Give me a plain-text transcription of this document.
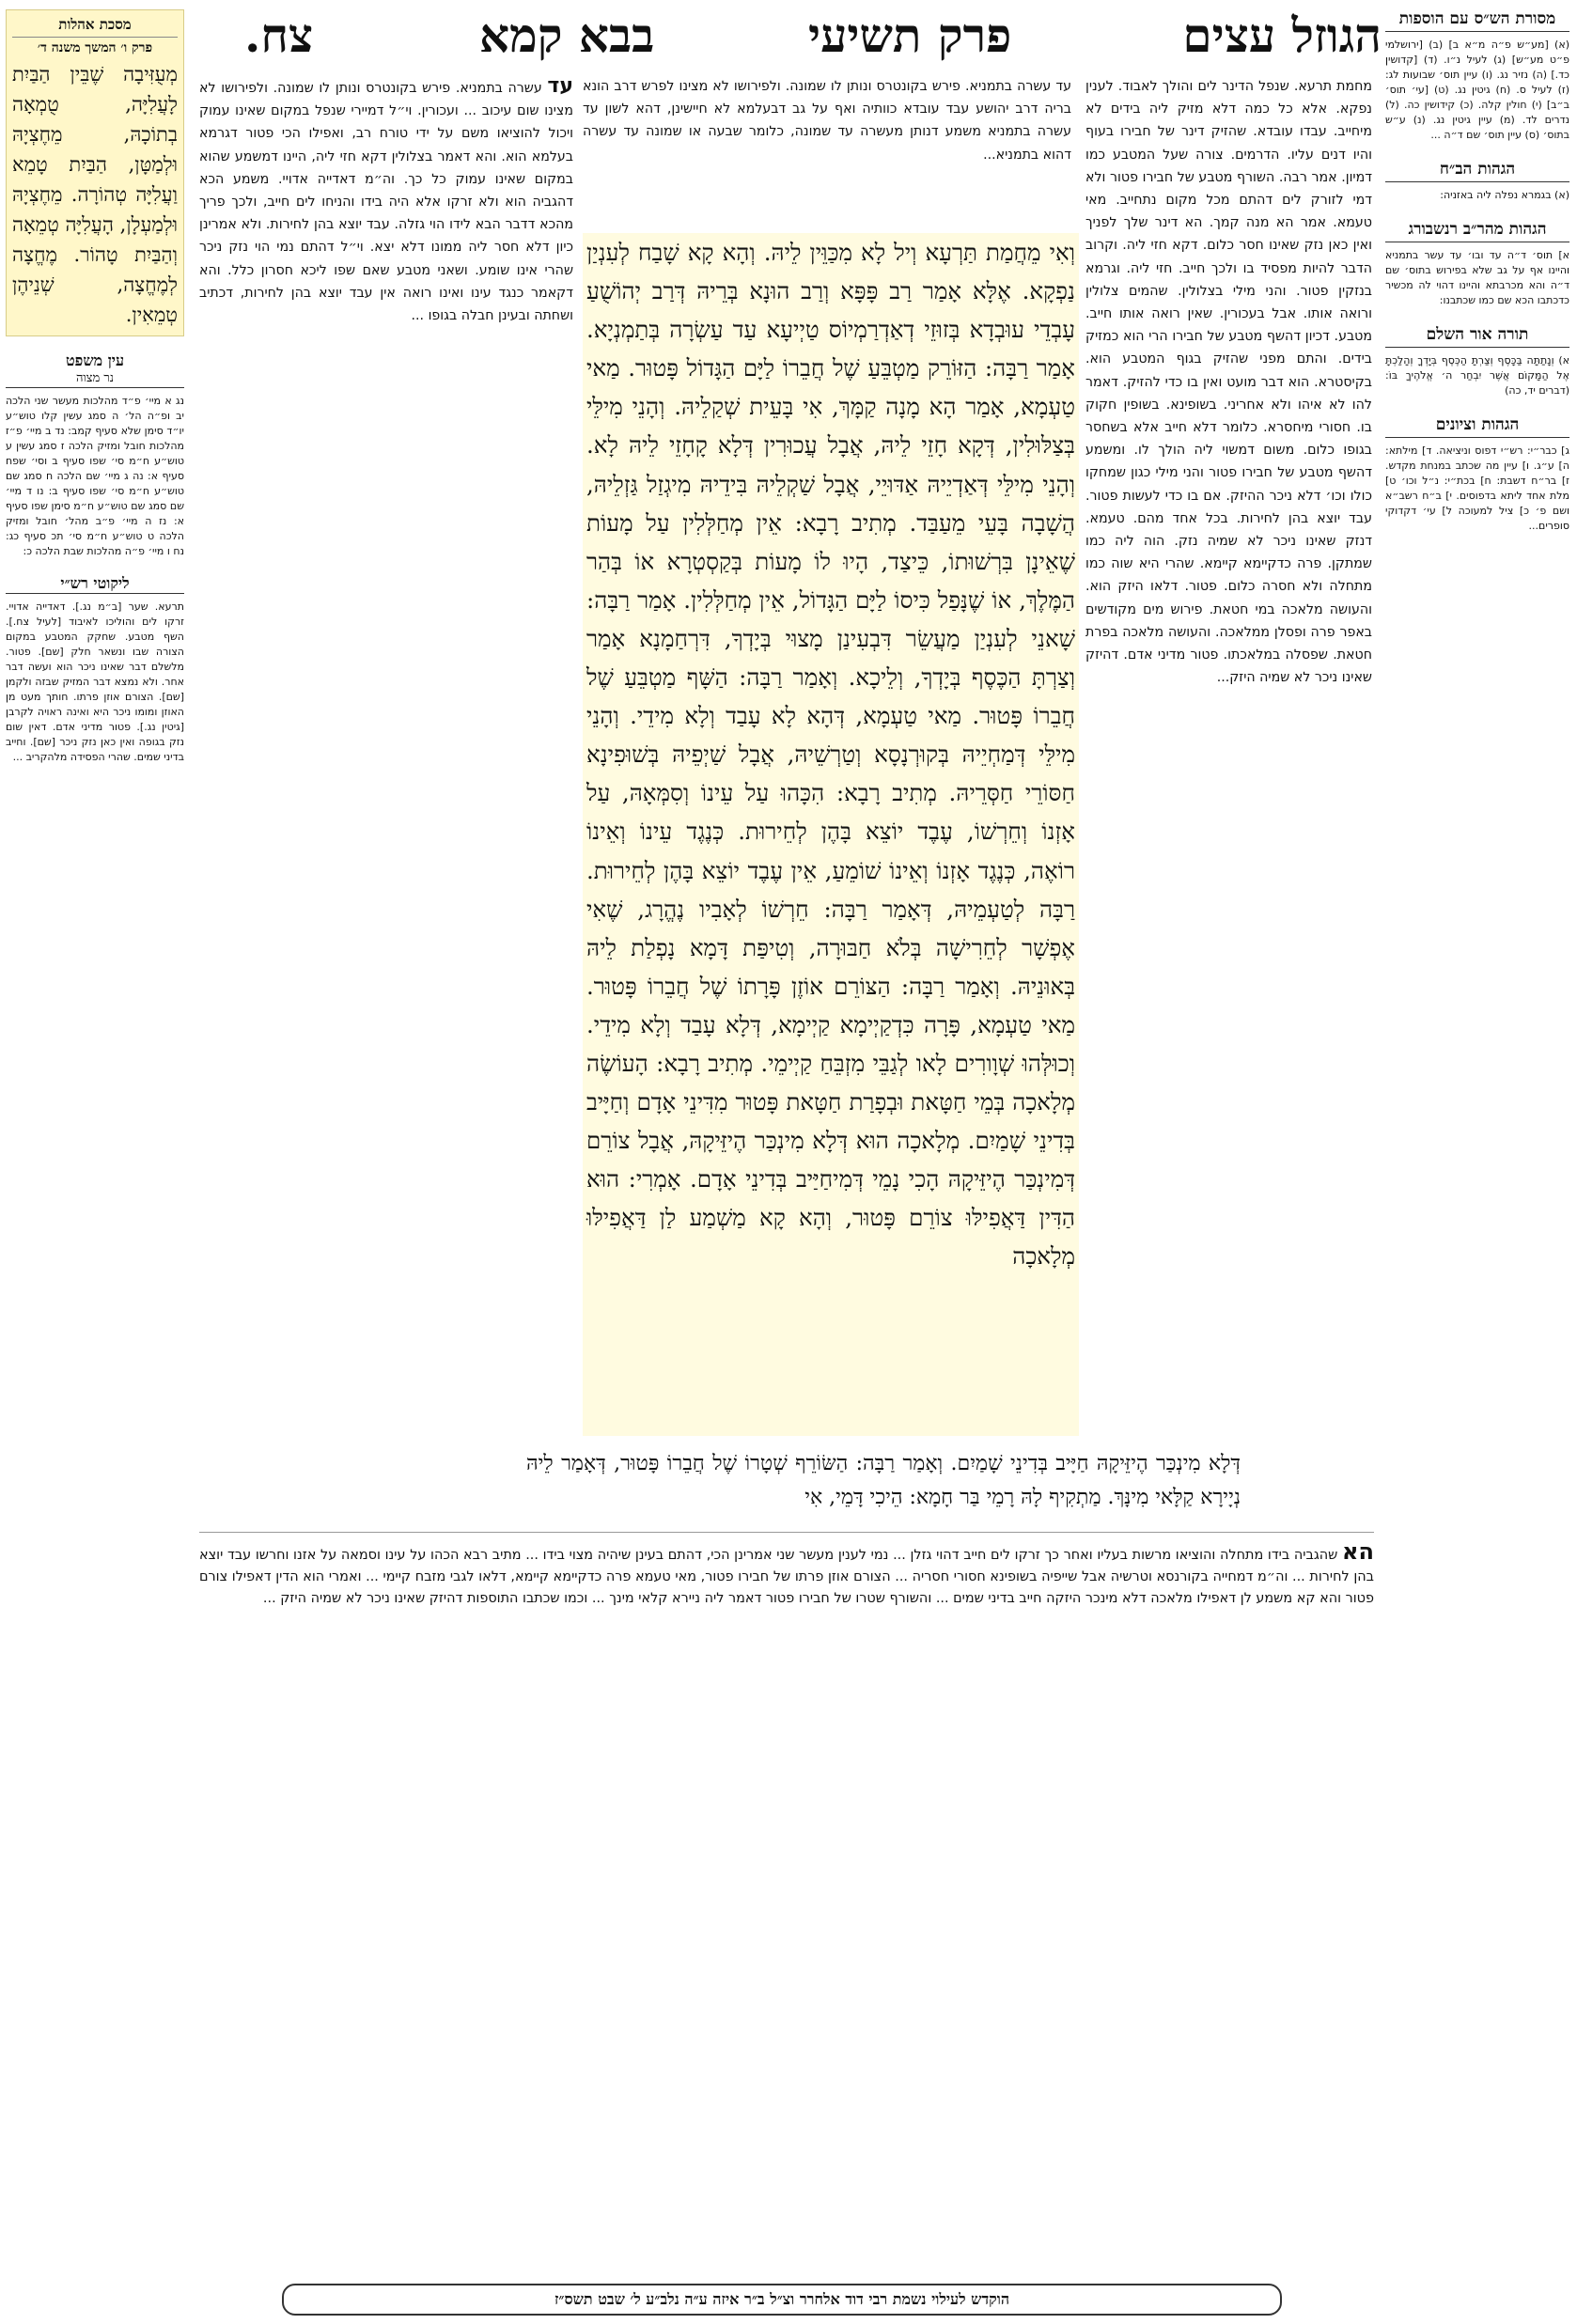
הגוזל עצים
פרק תשיעי
בבא קמא
צח.	מסורת הש״ס עם הוספות
(א) [מע״ש פ״ה מ״א ב] (ב) [ירושלמי פ״ט מע״ש] (ג) לעיל נ״ו. (ד) [קדושין כד.] (ה) נזיר נג. (ו) עיין תוס׳ שבועות לג: (ז) לעיל ס. (ח) גיטין נג. (ט) [עי׳ תוס׳ ב״ב] (י) חולין קלה. (כ) קידושין כה. (ל) נדרים לד. (מ) עיין גיטין נג. (נ) ע״ש בתוס׳ (ס) עיין תוס׳ שם ד״ה ...
הגהות הב״ח
(א) בגמרא נפלה ליה באזניה:
הגהות מהר״ב רנשבורג
א] תוס׳ ד״ה עד ובו׳ עד עשר בתמניא והיינו אף על גב שלא בפירוש בתוס׳ שם ד״ה והא מכרבתא והיינו דהוי לה מכשיר כדכתבו הכא שם כמו שכתבנו:
תורה אור השלם
א) וְנָתַתָּה בַּכָּסֶף וְצַרְתָּ הַכֶּסֶף בְּיָדְךָ וְהָלַכְתָּ אֶל הַמָּקוֹם אֲשֶׁר יִבְחַר ה׳ אֱלֹהֶיךָ בּוֹ: (דברים יד, כה)
הגהות וציונים
ג] כבר״י: רש״י דפוס וניציאה. ד] מילתא: ה] ע״ג. ו] עיין מה שכתב במנחת מקדש. ז] בר״ח דשבת: ח] בכת״י: נ״ל וכו׳ ט] מלת אחד ליתא בדפוסים. י] ב״ח רשב״א ושם פ׳ כ] ציל למעוכה ל] עי׳ דקדוקי סופרים...
מסכת אהלות
פרק ו׳ המשך משנה ד׳
מְעֻזִּיבָה שֶׁבֵּין הַבַּיִת לָעֲלִיָּה, טֻמְאָה בְתוֹכָהּ, מֵחֶצְיָהּ וּלְמַטָּן, הַבַּיִת טָמֵא וַעֲלִיָּה טְהוֹרָה. מֵחֶצְיָהּ וּלְמַעְלָן, הָעֲלִיָּה טְמֵאָה וְהַבַּיִת טָהוֹר. מֶחֱצָה לְמֶחֱצָה, שְׁנֵיהֶן טְמֵאִין.
עין משפט
נר מצוה
נג א מיי׳ פ״ד מהלכות מעשר שני הלכה יב ופ״ה הל׳ ה סמג עשין קלו טוש״ע יו״ד סימן שלא סעיף קמב: נד ב מיי׳ פ״ז מהלכות חובל ומזיק הלכה ז סמג עשין ע טוש״ע ח״מ סי׳ שפו סעיף ב וסי׳ שפח סעיף א: נה ג מיי׳ שם הלכה ח סמג שם טוש״ע ח״מ סי׳ שפו סעיף ב: נו ד מיי׳ שם סמג שם טוש״ע ח״מ סימן שפו סעיף א: נז ה מיי׳ פ״ב מהל׳ חובל ומזיק הלכה ט טוש״ע ח״מ סי׳ תכ סעיף כג: נח ו מיי׳ פ״ה מהלכות שבת הלכה כ:
ליקוטי רש״י
תרעא. שער [ב״מ נג.]. דאדייה אדויי. זרקו לים והוליכו לאיבוד [לעיל צח.]. השף מטבע. שחקק המטבע במקום הצורה שבו ונשאר חלק [שם]. פטור. מלשלם דבר שאינו ניכר הוא ועשה דבר אחר. ולא נמצא דבר המזיק שבזה ולקמן [שם]. הצורם אוזן פרתו. חותך מעט מן האוזן ומומו ניכר היא ואינה ראויה לקרבן [גיטין נג.]. פטור מדיני אדם. דאין שום נזק בגופה ואין כאן נזק ניכר [שם]. וחייב בדיני שמים. שהרי הפסידה מלהקריב ...
מחמת תרעא. שנפל הדינר לים והולך לאבוד. לענין נפקא. אלא כל כמה דלא מזיק ליה בידים לא מיחייב. עבדו עובדא. שהזיק דינר של חבירו בעוף והיו דנים עליו. הדרמים. צורה שעל המטבע כמו דמיון. אמר רבה. השורף מטבע של חבירו פטור ולא דמי לזורק לים דהתם מכל מקום נתחייב. מאי טעמא. אמר הא מנה קמך. הא דינר שלך לפניך ואין כאן נזק שאינו חסר כלום. דקא חזי ליה. וקרוב הדבר להיות מפסיד בו ולכך חייב. חזי ליה. וגרמא בנזקין פטור. והני מילי בצלולין. שהמים צלולין ורואה אותו. אבל בעכורין. שאין רואה אותו חייב. מטבע. דכיון דהשף מטבע של חבירו הרי הוא כמזיק בידים. והתם מפני שהזיק בגוף המטבע הוא. בקיסטרא. הוא דבר מועט ואין בו כדי להזיק. דאמר להו לא איהו ולא אחריני. בשופינא. בשופין חקוק בו. חסורי מיחסרא. כלומר דלא חייב אלא בשחסר בגופו כלום. משום דמשוי ליה הולך לו. ומשמע דהשף מטבע של חבירו פטור והני מילי כגון שמחקו כולו וכו׳ דלא ניכר ההיזק. אם בו כדי לעשות פטור. עבד יוצא בהן לחירות. בכל אחד מהם. טעמא. דנזק שאינו ניכר לא שמיה נזק. הוה ליה כמו שמתקן. פרה כדקיימא קיימא. שהרי היא שוה כמו מתחלה ולא חסרה כלום. פטור. דלאו היזק הוא. והעושה מלאכה במי חטאת. פירוש מים מקודשים באפר פרה ופסלן ממלאכה. והעושה מלאכה בפרת חטאת. שפסלה במלאכתו. פטור מדיני אדם. דהיזק שאינו ניכר לא שמיה היזק...
עד עשרה בתמניא. פירש בקונטרס ונותן לו שמונה. ולפירושו לא מצינו לפרש דרב הונא בריה דרב יהושע עבד עובדא כוותיה ואף על גב דבעלמא לא חיישינן, דהא לשון עד עשרה בתמניא משמע דנותן מעשרה עד שמונה, כלומר שבעה או שמונה עד עשרה דהוא בתמניא...
וְאִי מֵחֲמַת תַּרְעָא וְיל לָא מִכַּוֵּין לֵיהּ. וְהָא קָא שָׁבַח לְעִנְיַן נַפְקָא. אֶלָּא אָמַר רַב פָּפָּא וְרַב הוּנָא בְּרֵיהּ דְּרַב יְהוֹשֻׁעַ עָבְדֵי עוּבְדָא בְּזוּזֵי דְאַדְרַמְיוֹס טַיְיעָא עַד עַשְׂרָה בְּתַמְנְיָא. אָמַר רַבָּה: הַזּוֹרֵק מַטְבֵּעַ שֶׁל חֲבֵרוֹ לַיָּם הַגָּדוֹל פָּטוּר. מַאי טַעְמָא, אָמַר הָא מָנָה קַמָּךְ, אִי בָּעֵית שְׁקַלֵיהּ. וְהָנֵי מִילֵּי בְּצַלּוּלִין, דְּקָא חָזֵי לֵיהּ, אֲבָל עֲכוּרִין דְּלָא קָחָזֵי לֵיהּ לָא. וְהָנֵי מִילֵּי דְּאַדְיֵיהּ אַדּוּיֵי, אֲבָל שַׁקְלֵיהּ בִּידֵיהּ מִיגְזַל גַּזְלֵיהּ, הֲשָׁבָה בָּעֵי מֵעַבַּד. מְתִיב רָבָא: אֵין מְחַלְּלִין עַל מָעוֹת שֶׁאֵינָן בִּרְשׁוּתוֹ, כֵּיצַד, הָיוּ לוֹ מָעוֹת בְּקַסְטְרָא אוֹ בְּהַר הַמֶּלֶךְ, אוֹ שֶׁנָּפַל כִּיסוֹ לַיָּם הַגָּדוֹל, אֵין מְחַלְּלִין. אָמַר רַבָּה: שָׁאנֵי לְעִנְיַן מַעֲשֵׂר דִּבְעִינַן מָצוּי בְּיָדְךָ, דִּרְחַמָנָא אָמַר וְצַרְתָּ הַכֶּסֶף בְּיָדְךָ, וְלֵיכָא. וְאָמַר רַבָּה: הַשָּׁף מַטְבֵּעַ שֶׁל חֲבֵרוֹ פָּטוּר. מַאי טַעְמָא, דְּהָא לָא עָבַד וְלָא מִידֵי. וְהָנֵי מִילֵּי דְּמַחְיֵיהּ בְּקוּרְנָסָא וְטַרְשֵׁיהּ, אֲבָל שַׁיְפֵיהּ בְּשׁוּפִינָא חַסּוֹרֵי חַסְּרֵיהּ. מְתִיב רָבָא: הִכָּהוּ עַל עֵינוֹ וְסִמְּאָהּ, עַל אָזְנוֹ וְחֵרְשׁוֹ, עֶבֶד יוֹצֵא בָּהֶן לְחֵירוּת. כְּנֶגֶד עֵינוֹ וְאֵינוֹ רוֹאֶה, כְּנֶגֶד אָזְנוֹ וְאֵינוֹ שׁוֹמֵעַ, אֵין עֶבֶד יוֹצֵא בָּהֶן לְחֵירוּת. רַבָּה לְטַעְמֵיהּ, דְּאָמַר רַבָּה: חֵרְשׁוֹ לְאָבִיו נֶהֱרָג, שֶׁאִי אֶפְשָׁר לְחֵרִישָׁה בְּלֹא חַבּוּרָה, וְטִיפַּת דָּמָא נָפְלַת לֵיהּ בְּאוּנֵיהּ. וְאָמַר רַבָּה: הַצּוֹרֵם אוֹזֶן פָּרָתוֹ שֶׁל חֲבֵרוֹ פָּטוּר. מַאי טַעְמָא, פָּרָה כִּדְקַיְימָא קַיְימָא, דְּלָא עָבַד וְלָא מִידֵי. וְכוּלְּהוּ שְׁוָורִים לָאו לְגַבֵּי מִזְבֵּחַ קַיְימֵי. מְתִיב רָבָא: הָעוֹשֶׂה מְלָאכָה בְּמֵי חַטָּאת וּבְפָרַת חַטָּאת פָּטוּר מִדִּינֵי אָדָם וְחַיָּיב בְּדִינֵי שָׁמַיִם. מְלָאכָה הוּא דְּלָא מִינְכַּר הֶיזֵּיקָהּ, אֲבָל צוֹרֵם דְּמִינְכַּר הֶיזֵּיקָהּ הָכִי נָמֵי דְּמִיחַיַּיב בְּדִינֵי אָדָם. אָמְרִי: הוּא הַדִּין דַּאֲפִילּוּ צוֹרֵם פָּטוּר, וְהָא קָא מַשְׁמַע לַן דַּאֲפִילּוּ מְלָאכָה
עד עשרה בתמניא. פירש בקונטרס ונותן לו שמונה. ולפירושו לא מצינו שום עיכוב ... ועכורין. וי״ל דמיירי שנפל במקום שאינו עמוק ויכול להוציאו משם על ידי טורח רב, ואפילו הכי פטור דגרמא בעלמא הוא. והא דאמר בצלולין דקא חזי ליה, היינו דמשמע שהוא במקום שאינו עמוק כל כך. וה״מ דאדייה אדויי. משמע הכא דהגביה הוא ולא זרקו אלא היה בידו והניחו לים חייב, ולכך פריך מהכא דדבר הבא לידו הוי גזלה. עבד יוצא בהן לחירות. ולא אמרינן כיון דלא חסר ליה ממונו דלא יצא. וי״ל דהתם נמי הוי נזק ניכר שהרי אינו שומע. ושאני מטבע שאם שפו ליכא חסרון כלל. והא דקאמר כנגד עינו ואינו רואה אין עבד יוצא בהן לחירות, דכתיב ושחתה ובעינן חבלה בגופו ...
דְּלָא מִינְכַּר הֶיזֵּיקָהּ חַיָּיב בְּדִינֵי שָׁמַיִם. וְאָמַר רַבָּה: הַשּׂוֹרֵף שְׁטָרוֹ שֶׁל חֲבֵרוֹ פָּטוּר, דְּאָמַר לֵיהּ נְיָירָא קַלָּאי מִינָּךְ. מַתְקִיף לָהּ רָמֵי בַּר חָמָא: הֵיכִי דָּמֵי, אִי
הא שהגביה בידו מתחלה והוציאו מרשות בעליו ואחר כך זרקו לים חייב דהוי גזלן ... נמי לענין מעשר שני אמרינן הכי, דהתם בעינן שיהיה מצוי בידו ... מתיב רבא הכהו על עינו וסמאה על אזנו וחרשו עבד יוצא בהן לחירות ... וה״מ דמחייה בקורנסא וטרשיה אבל שייפיה בשופינא חסורי חסריה ... הצורם אוזן פרתו של חבירו פטור, מאי טעמא פרה כדקיימא קיימא, דלאו לגבי מזבח קיימי ... ואמרי הוא הדין דאפילו צורם פטור והא קא משמע לן דאפילו מלאכה דלא מינכר היזקה חייב בדיני שמים ... והשורף שטרו של חבירו פטור דאמר ליה ניירא קלאי מינך ... וכמו שכתבו התוספות דהיזק שאינו ניכר לא שמיה היזק ...
הוקדש לעילוי נשמת רבי דוד אלחרר וצ״ל ב״ר איזה ע״ה נלב״ע ל׳ שבט תשס״ז
